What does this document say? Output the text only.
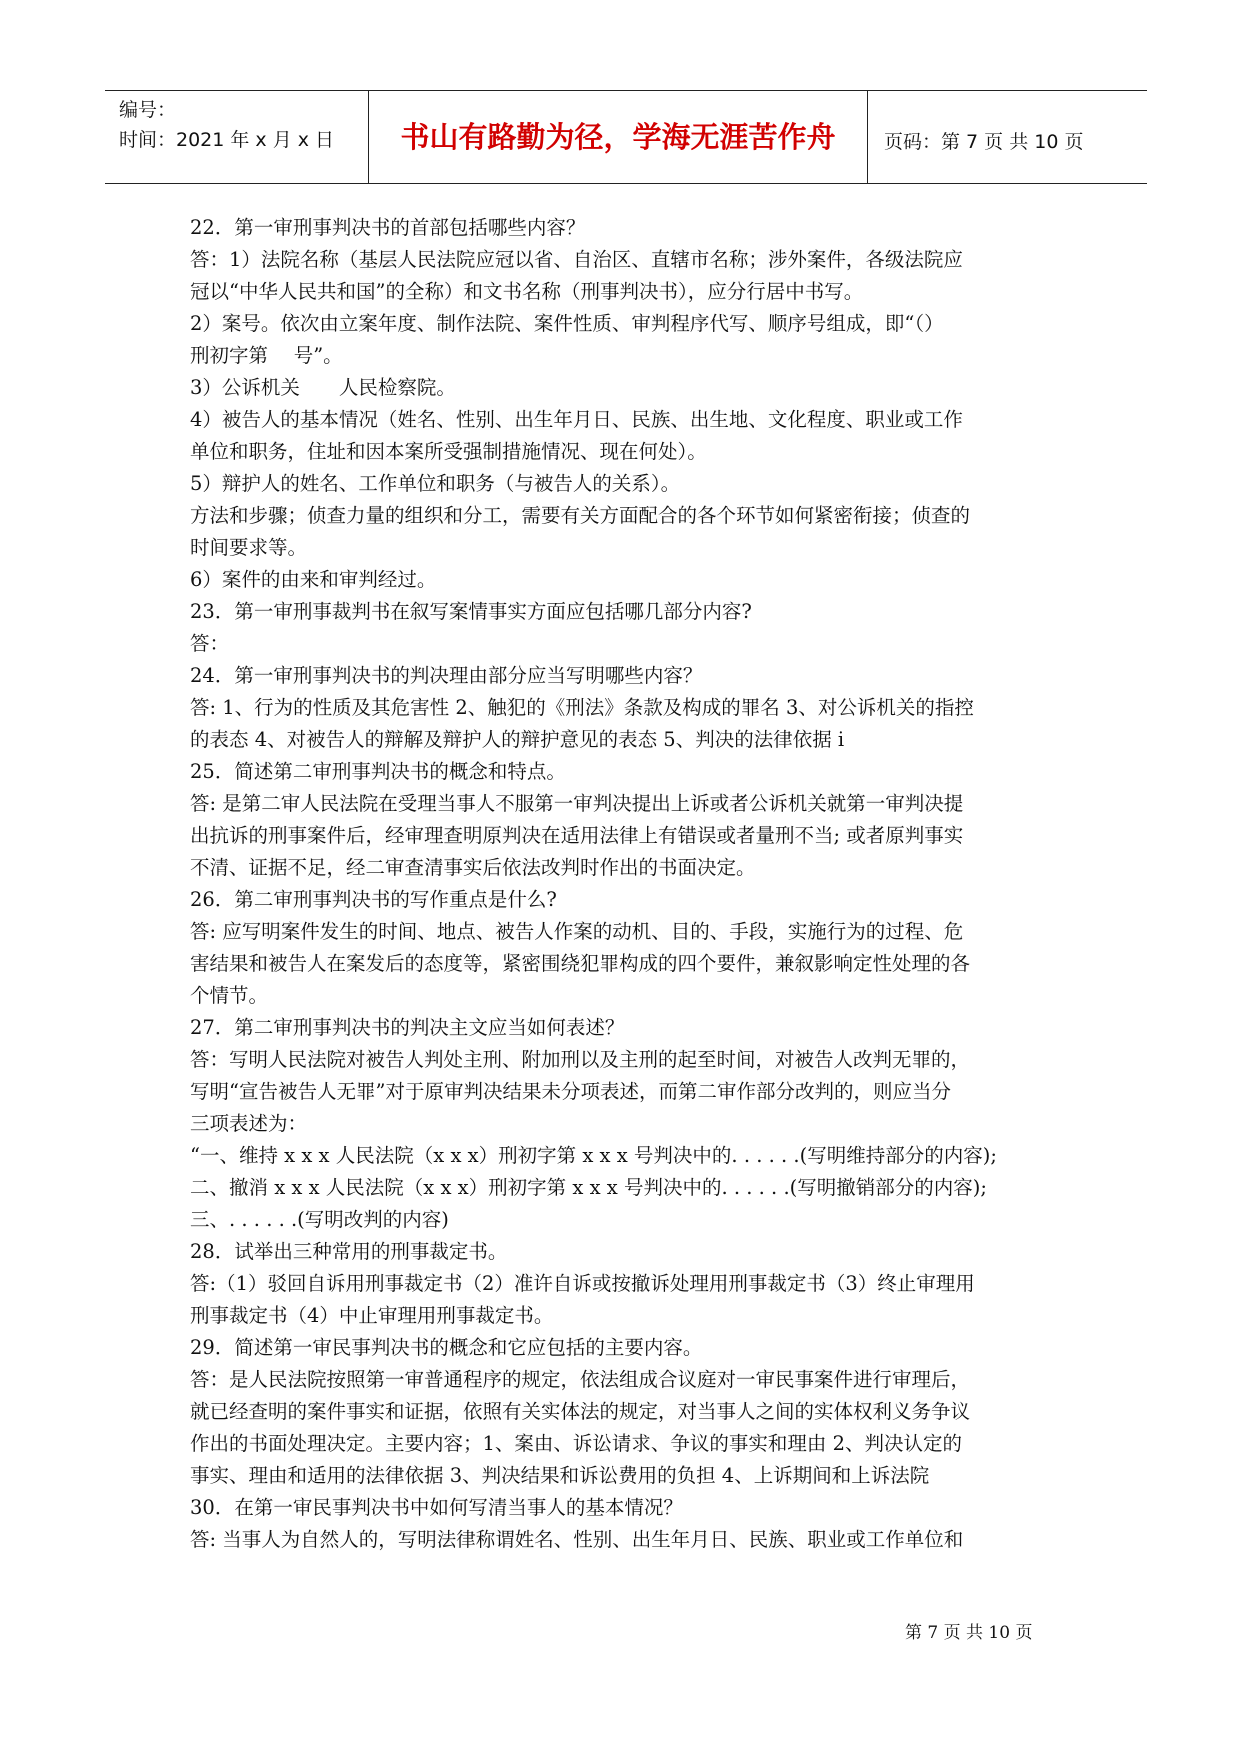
编号：
时间：2021 年 x 月 x 日	书山有路勤为径，学海无涯苦作舟	页码：第 7 页 共 10 页

22．第一审刑事判决书的首部包括哪些内容？

答：1）法院名称（基层人民法院应冠以省、自治区、直辖市名称；涉外案件，各级法院应

冠以“中华人民共和国”的全称）和文书名称（刑事判决书），应分行居中书写。

2）案号。依次由立案年度、制作法院、案件性质、审判程序代写、顺序号组成，即“（）

刑初字第　 号”。

3）公诉机关　　人民检察院。

4）被告人的基本情况（姓名、性别、出生年月日、民族、出生地、文化程度、职业或工作

单位和职务，住址和因本案所受强制措施情况、现在何处）。

5）辩护人的姓名、工作单位和职务（与被告人的关系）。

方法和步骤；侦查力量的组织和分工，需要有关方面配合的各个环节如何紧密衔接；侦查的

时间要求等。

6）案件的由来和审判经过。

23．第一审刑事裁判书在叙写案情事实方面应包括哪几部分内容?

答：

24．第一审刑事判决书的判决理由部分应当写明哪些内容？

答: 1、行为的性质及其危害性 2、触犯的《刑法》条款及构成的罪名 3、对公诉机关的指控

的表态 4、对被告人的辩解及辩护人的辩护意见的表态 5、判决的法律依据 i

25．简述第二审刑事判决书的概念和特点。

答: 是第二审人民法院在受理当事人不服第一审判决提出上诉或者公诉机关就第一审判决提

出抗诉的刑事案件后，经审理查明原判决在适用法律上有错误或者量刑不当; 或者原判事实

不清、证据不足，经二审查清事实后依法改判时作出的书面决定。

26．第二审刑事判决书的写作重点是什么?

答: 应写明案件发生的时间、地点、被告人作案的动机、目的、手段，实施行为的过程、危

害结果和被告人在案发后的态度等，紧密围绕犯罪构成的四个要件，兼叙影响定性处理的各

个情节。

27．第二审刑事判决书的判决主文应当如何表述？

答：写明人民法院对被告人判处主刑、附加刑以及主刑的起至时间，对被告人改判无罪的，

写明“宣告被告人无罪”对于原审判决结果未分项表述，而第二审作部分改判的，则应当分

三项表述为：

“一、维持 x x x 人民法院（x x x）刑初字第 x x x 号判决中的. . . . . .(写明维持部分的内容);

二、撤消 x x x 人民法院（x x x）刑初字第 x x x 号判决中的. . . . . .(写明撤销部分的内容);

三、. . . . . .(写明改判的内容)

28．试举出三种常用的刑事裁定书。

答:（1）驳回自诉用刑事裁定书（2）准许自诉或按撤诉处理用刑事裁定书（3）终止审理用

刑事裁定书（4）中止审理用刑事裁定书。

29．简述第一审民事判决书的概念和它应包括的主要内容。

答：是人民法院按照第一审普通程序的规定，依法组成合议庭对一审民事案件进行审理后，

就已经查明的案件事实和证据，依照有关实体法的规定，对当事人之间的实体权利义务争议

作出的书面处理决定。主要内容；1、案由、诉讼请求、争议的事实和理由 2、判决认定的

事实、理由和适用的法律依据 3、判决结果和诉讼费用的负担 4、上诉期间和上诉法院

30．在第一审民事判决书中如何写清当事人的基本情况？

答: 当事人为自然人的，写明法律称谓姓名、性别、出生年月日、民族、职业或工作单位和

第 7 页 共 10 页
